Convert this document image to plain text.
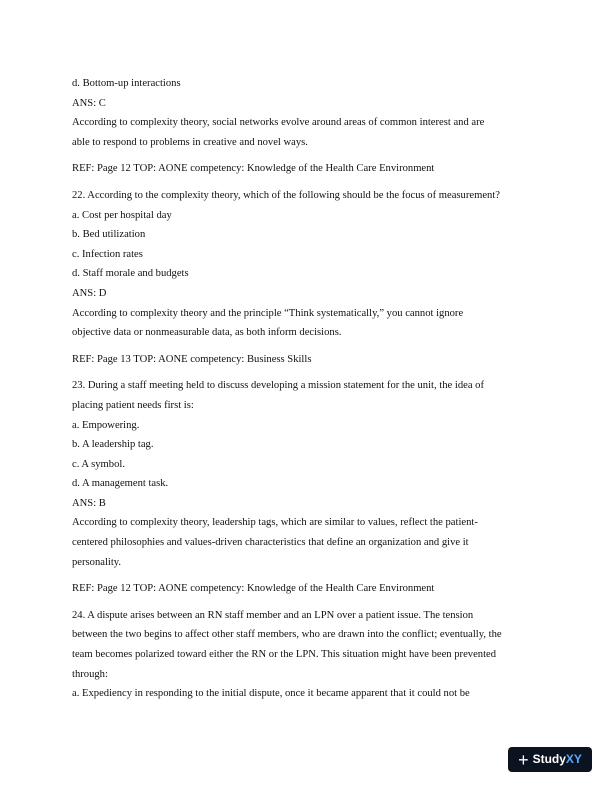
d. Bottom-up interactions
ANS: C
According to complexity theory, social networks evolve around areas of common interest and are
able to respond to problems in creative and novel ways.
REF: Page 12 TOP: AONE competency: Knowledge of the Health Care Environment
22. According to the complexity theory, which of the following should be the focus of measurement?
a. Cost per hospital day
b. Bed utilization
c. Infection rates
d. Staff morale and budgets
ANS: D
According to complexity theory and the principle “Think systematically,” you cannot ignore
objective data or nonmeasurable data, as both inform decisions.
REF: Page 13 TOP: AONE competency: Business Skills
23. During a staff meeting held to discuss developing a mission statement for the unit, the idea of
placing patient needs first is:
a. Empowering.
b. A leadership tag.
c. A symbol.
d. A management task.
ANS: B
According to complexity theory, leadership tags, which are similar to values, reflect the patient-
centered philosophies and values-driven characteristics that define an organization and give it
personality.
REF: Page 12 TOP: AONE competency: Knowledge of the Health Care Environment
24. A dispute arises between an RN staff member and an LPN over a patient issue. The tension
between the two begins to affect other staff members, who are drawn into the conflict; eventually, the
team becomes polarized toward either the RN or the LPN. This situation might have been prevented
through:
a. Expediency in responding to the initial dispute, once it became apparent that it could not be
+ StudyXY
